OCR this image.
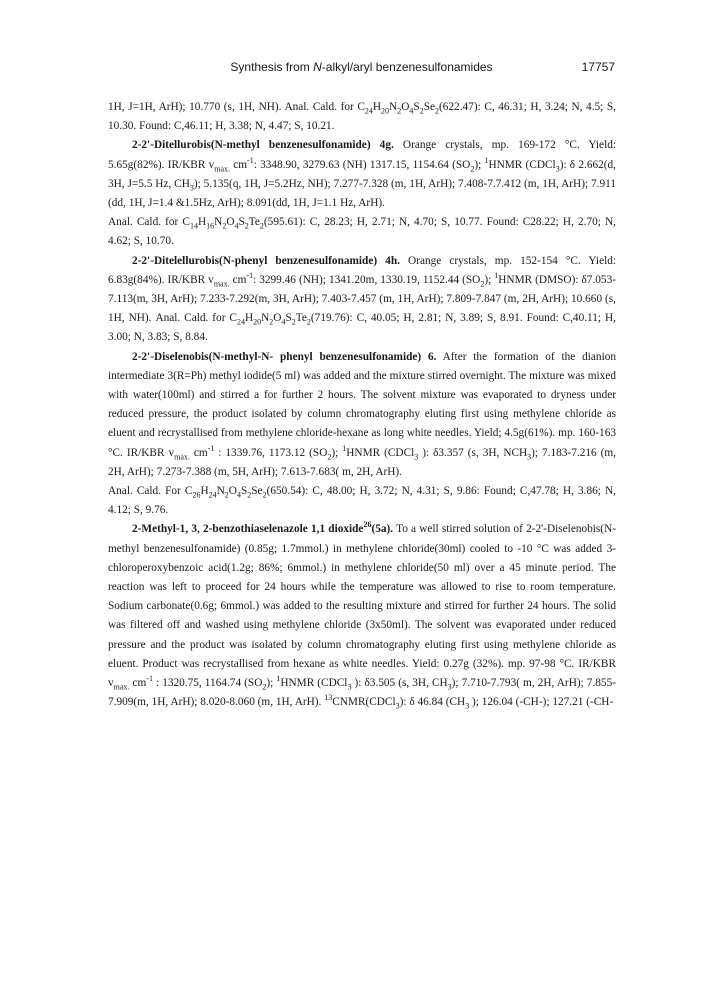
Synthesis from N-alkyl/aryl benzenesulfonamides	17757

1H, J=1H, ArH); 10.770 (s, 1H, NH). Anal. Cald. for $C_{24}H_{20}N_2O_4S_2Se_2(622.47)$: C, 46.31; H, 3.24; N, 4.5; S, 10.30. Found: C,46.11; H, 3.38; N, 4.47; S, 10.21.

2-2'-Ditellurobis(N-methyl benzenesulfonamide) 4g. Orange crystals, mp. 169-172 °C. Yield: 5.65g(82%). IR/KBR $v_{max.}$ $cm^{-1}$: 3348.90, 3279.63 (NH) 1317.15, 1154.64 $(SO_2)$; $^1$HNMR (CDCl$_3$): δ 2.662(d, 3H, J=5.5 Hz, $CH_3$); 5.135(q, 1H, J=5.2Hz, NH); 7.277-7.328 (m, 1H, ArH); 7.408-7.7.412 (m, 1H, ArH); 7.911 (dd, 1H, J=1.4 &1.5Hz, ArH); 8.091(dd, 1H, J=1.1 Hz, ArH).

Anal. Cald. for $C_{14}H_{16}N_2O_4S_2Te_2(595.61)$: C, 28.23; H, 2.71; N, 4.70; S, 10.77. Found: C28.22; H, 2.70; N, 4.62; S, 10.70.

2-2'-Ditelellurobis(N-phenyl benzenesulfonamide) 4h. Orange crystals, mp. 152-154 °C. Yield: 6.83g(84%). IR/KBR $v_{max.}$ $cm^{-1}$: 3299.46 (NH); 1341.20m, 1330.19, 1152.44 $(SO_2)$; $^1$HNMR (DMSO): δ7.053-7.113(m, 3H, ArH); 7.233-7.292(m, 3H, ArH); 7.403-7.457 (m, 1H, ArH); 7.809-7.847 (m, 2H, ArH); 10.660 (s, 1H, NH). Anal. Cald. for $C_{24}H_{20}N_2O_4S_2Te_2(719.76)$: C, 40.05; H, 2.81; N, 3.89; S, 8.91. Found: C,40.11; H, 3.00; N, 3.83; S, 8.84.

2-2'-Diselenobis(N-methyl-N- phenyl benzenesulfonamide) 6. After the formation of the dianion intermediate 3(R=Ph) methyl iodide(5 ml) was added and the mixture stirred overnight. The mixture was mixed with water(100ml) and stirred a for further 2 hours. The solvent mixture was evaporated to dryness under reduced pressure, the product isolated by column chromatography eluting first using methylene chloride as eluent and recrystallised from methylene chloride-hexane as long white needles. Yield; 4.5g(61%). mp. 160-163 °C. IR/KBR $v_{max.}$ $cm^{-1}$ : 1339.76, 1173.12 $(SO_2)$; $^1$HNMR (CDCl$_3$ ): δ3.357 (s, 3H, $NCH_3$); 7.183-7.216 (m, 2H, ArH); 7.273-7.388 (m, 5H, ArH); 7.613-7.683( m, 2H, ArH).

Anal. Cald. For $C_{26}H_{24}N_2O_4S_2Se_2(650.54)$: C, 48.00; H, 3.72; N, 4.31; S, 9.86: Found; C,47.78; H, 3.86; N, 4.12; S, 9.76.

2-Methyl-1, 3, 2-benzothiaselenazole 1,1 dioxide$^{26}$(5a). To a well stirred solution of 2-2'-Diselenobis(N-methyl benzenesulfonamide) (0.85g; 1.7mmol.) in methylene chloride(30ml) cooled to -10 °C was added 3-chloroperoxybenzoic acid(1.2g; 86%; 6mmol.) in methylene chloride(50 ml) over a 45 minute period. The reaction was left to proceed for 24 hours while the temperature was allowed to rise to room temperature. Sodium carbonate(0.6g; 6mmol.) was added to the resulting mixture and stirred for further 24 hours. The solid was filtered off and washed using methylene chloride (3x50ml). The solvent was evaporated under reduced pressure and the product was isolated by column chromatography eluting first using methylene chloride as eluent. Product was recrystallised from hexane as white needles. Yield: 0.27g (32%). mp. 97-98 °C. IR/KBR $v_{max.}$ $cm^{-1}$ : 1320.75, 1164.74 $(SO_2)$; $^1$HNMR (CDCl$_3$ ): δ3.505 (s, 3H, $CH_3$); 7.710-7.793( m, 2H, ArH); 7.855-7.909(m, 1H, ArH); 8.020-8.060 (m, 1H, ArH). $^{13}$CNMR(CDCl$_3$): δ 46.84 ($CH_3$ ); 126.04 (-CH-); 127.21 (-CH-
